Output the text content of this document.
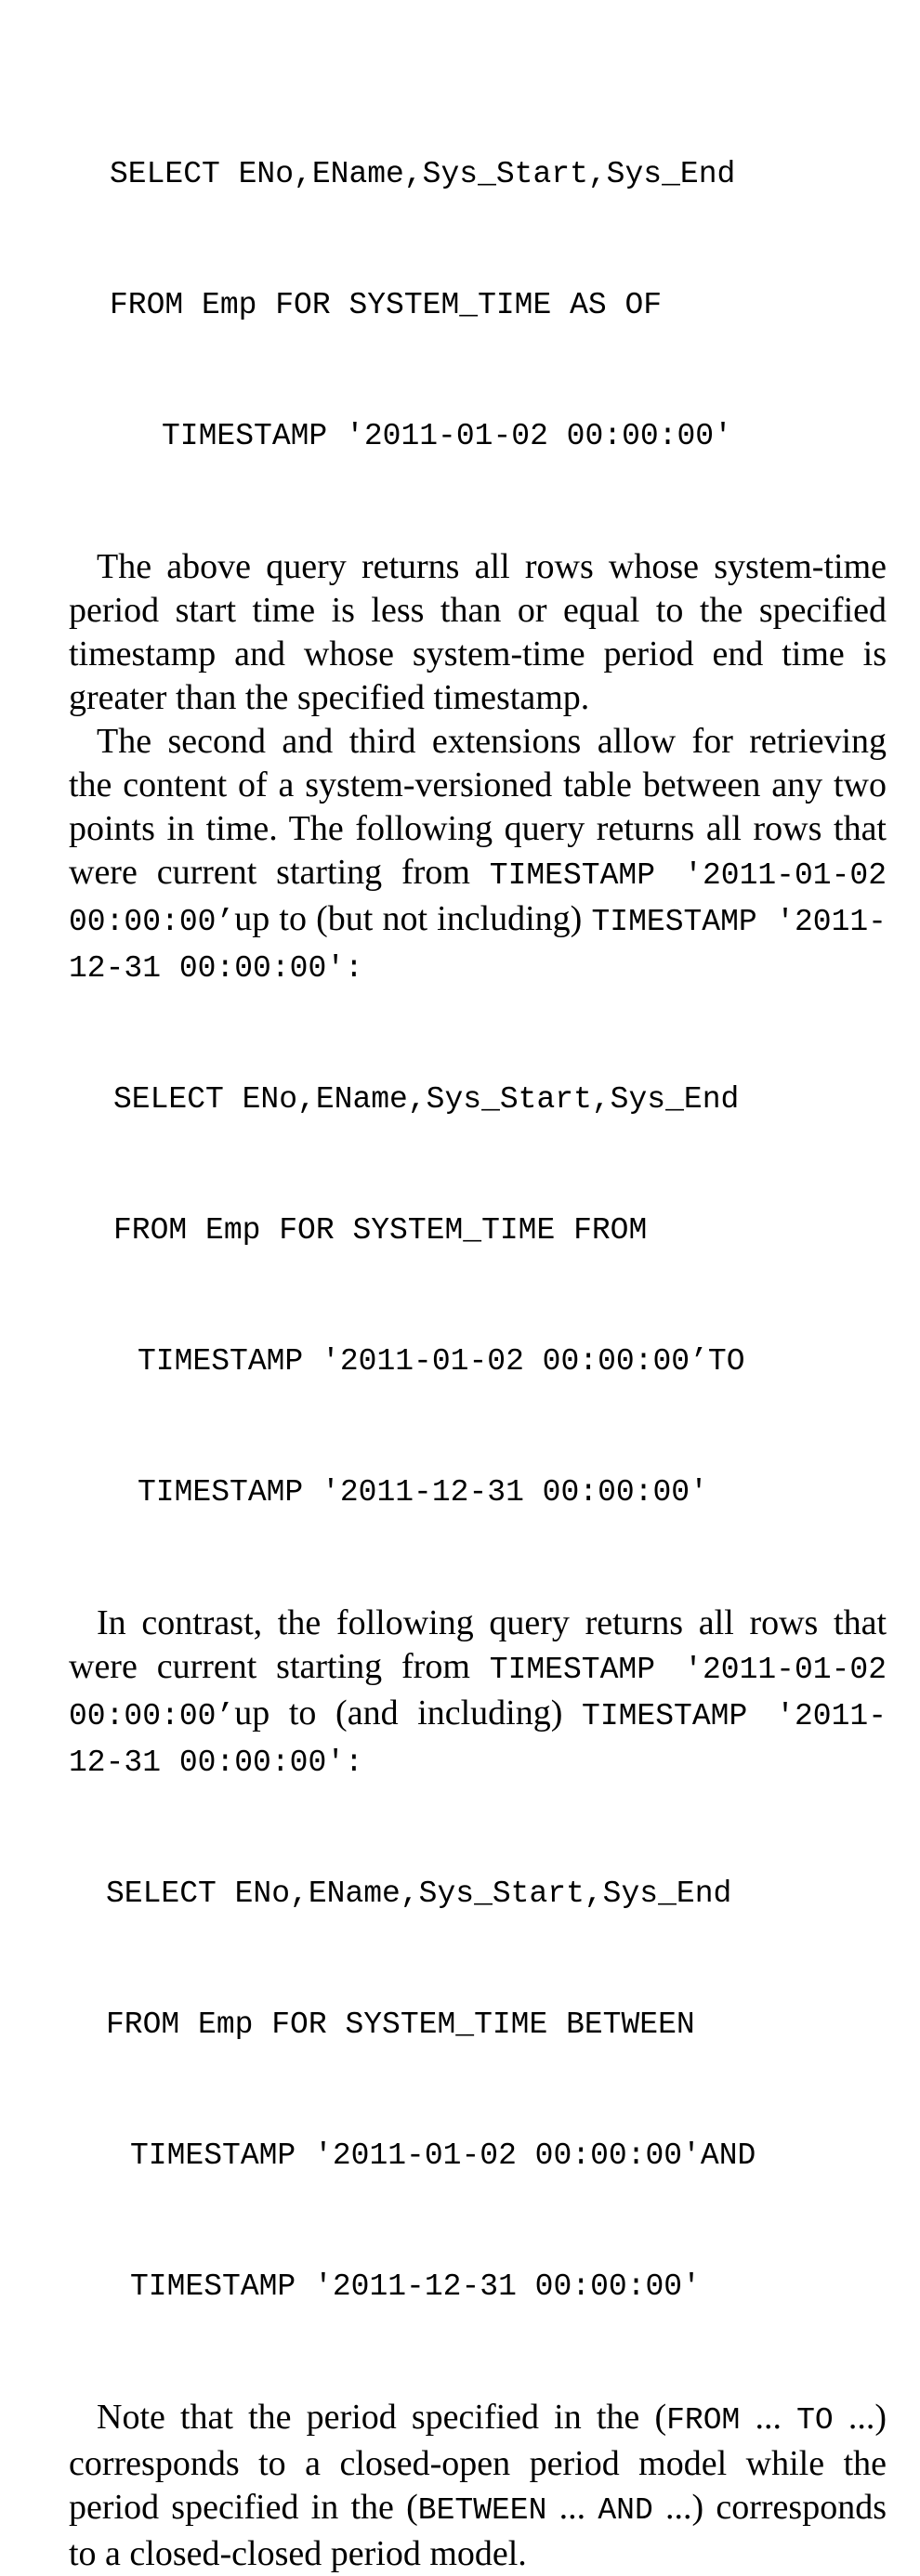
SELECT ENo,EName,Sys_Start,Sys_End

FROM Emp FOR SYSTEM_TIME AS OF

TIMESTAMP '2011-01-02 00:00:00'

The above query returns all rows whose system-time period start time is less than or equal to the specified timestamp and whose system-time period end time is greater than the specified timestamp.

The second and third extensions allow for retrieving the content of a system-versioned table between any two points in time. The following query returns all rows that were current starting from TIMESTAMP '2011-01-02 00:00:00’up to (but not including) TIMESTAMP '2011-12-31 00:00:00':

SELECT ENo,EName,Sys_Start,Sys_End

FROM Emp FOR SYSTEM_TIME FROM

TIMESTAMP '2011-01-02 00:00:00’TO

TIMESTAMP '2011-12-31 00:00:00'

In contrast, the following query returns all rows that were current starting from TIMESTAMP '2011-01-02 00:00:00’up to (and including) TIMESTAMP '2011-12-31 00:00:00':

SELECT ENo,EName,Sys_Start,Sys_End

FROM Emp FOR SYSTEM_TIME BETWEEN

TIMESTAMP '2011-01-02 00:00:00'AND

TIMESTAMP '2011-12-31 00:00:00'

Note that the period specified in the (FROM ... TO ...) corresponds to a closed-open period model while the period specified in the (BETWEEN ... AND ...) corresponds to a closed-closed period model.
